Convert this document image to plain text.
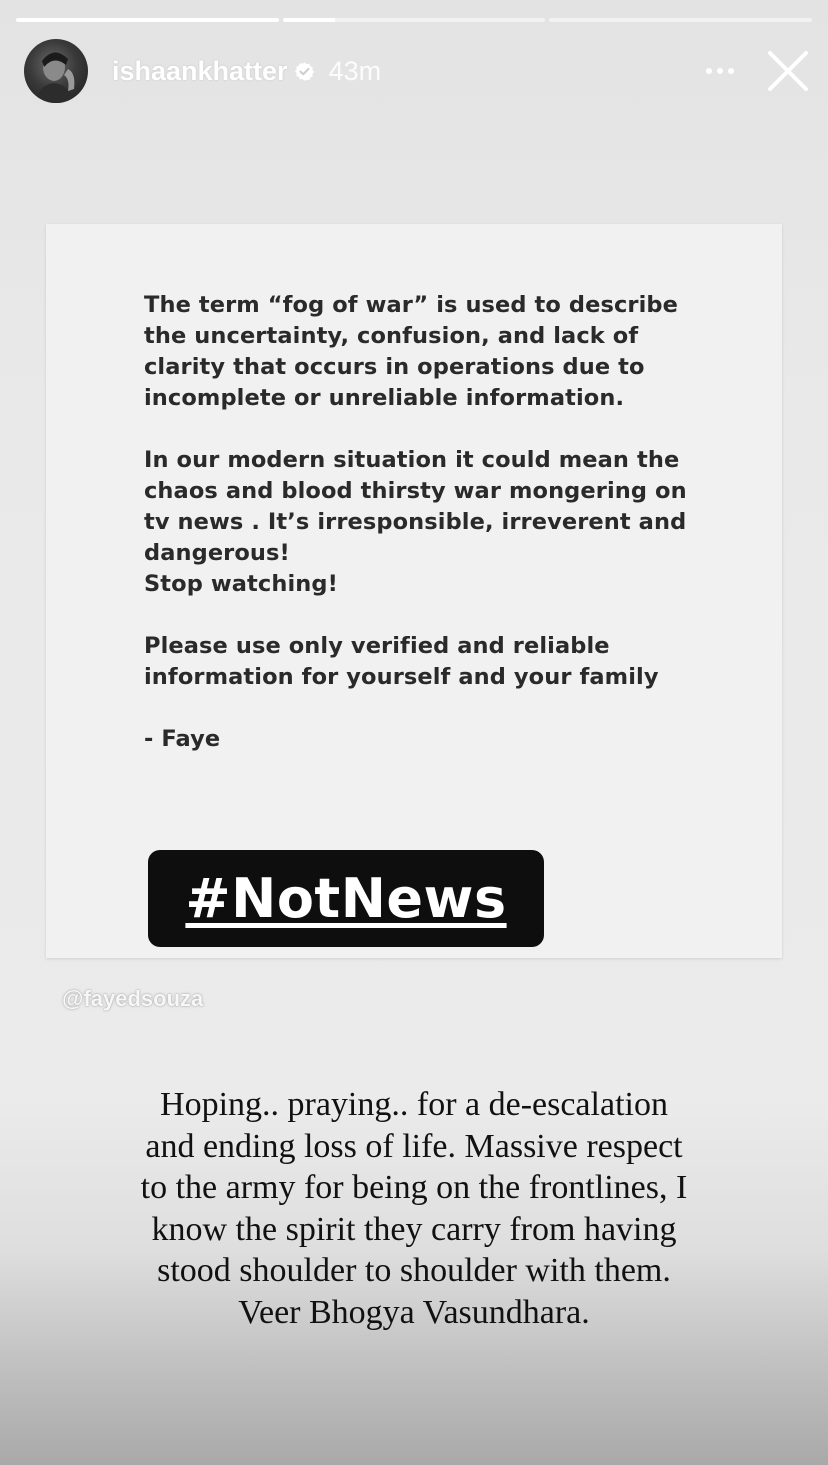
ishaankhatter 43m

The term “fog of war” is used to describe

the uncertainty, confusion, and lack of

clarity that occurs in operations due to

incomplete or unreliable information.

In our modern situation it could mean the

chaos and blood thirsty war mongering on

tv news . It’s irresponsible, irreverent and

dangerous!

Stop watching!

Please use only verified and reliable

information for yourself and your family

- Faye

#NotNews
@fayedsouza
Hoping.. praying.. for a de-escalation
and ending loss of life. Massive respect
to the army for being on the frontlines, I
know the spirit they carry from having
stood shoulder to shoulder with them.
Veer Bhogya Vasundhara.
